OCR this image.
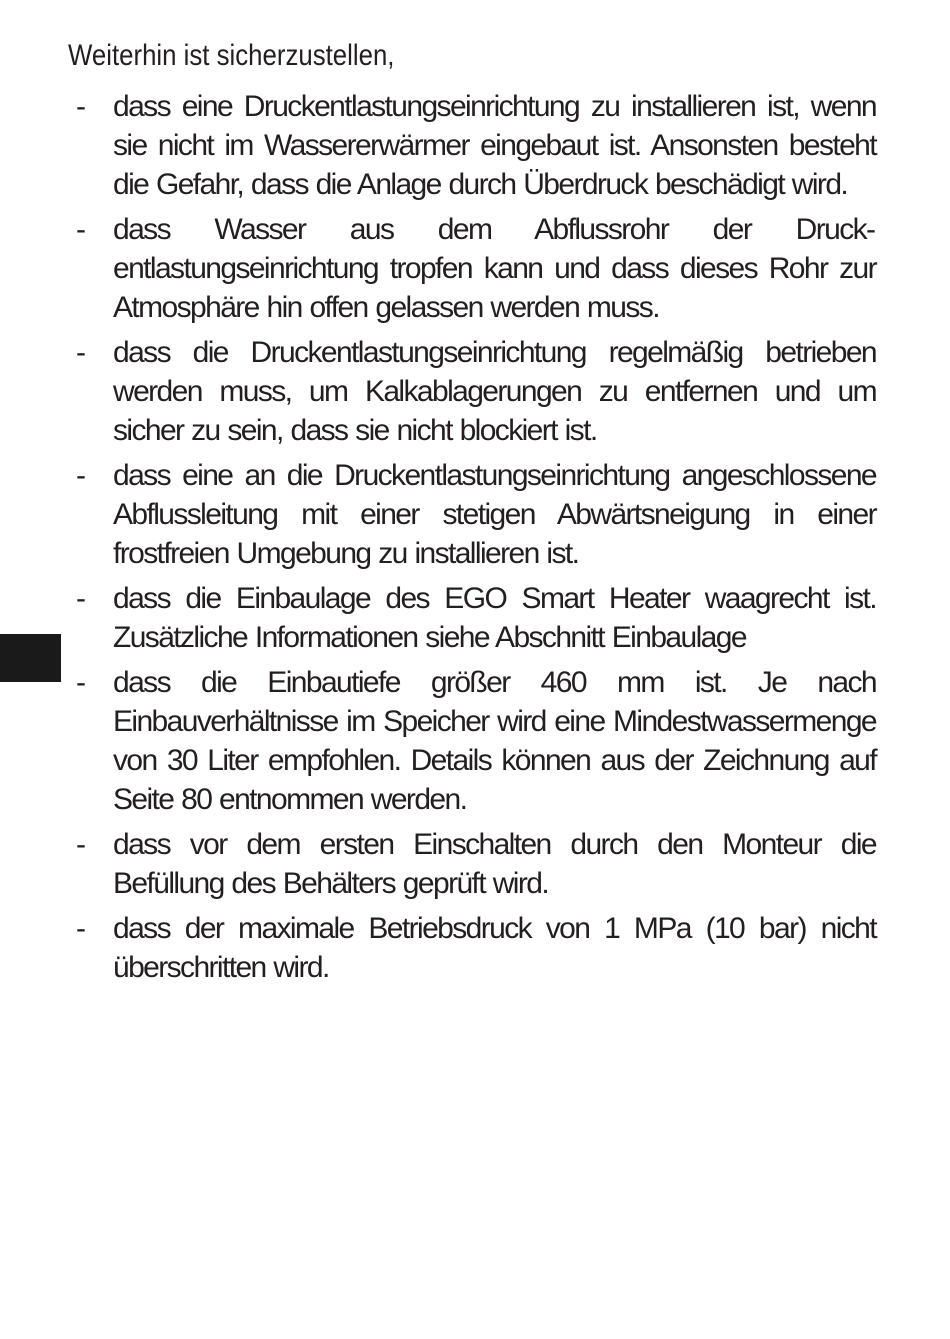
Weiterhin ist sicherzustellen,
- dass eine Druckentlastungseinrichtung zu installieren ist, wenn sie nicht im Wassererwärmer eingebaut ist. Ansonsten besteht die Gefahr, dass die Anlage durch Überdruck beschädigt wird.
- dass Wasser aus dem Abflussrohr der Druckentlastungseinrichtung tropfen kann und dass dieses Rohr zur Atmosphäre hin offen gelassen werden muss.
- dass die Druckentlastungseinrichtung regelmäßig betrieben werden muss, um Kalkablagerungen zu entfernen und um sicher zu sein, dass sie nicht blockiert ist.
- dass eine an die Druckentlastungseinrichtung angeschlossene Abflussleitung mit einer stetigen Abwärtsneigung in einer frostfreien Umgebung zu installieren ist.
- dass die Einbaulage des EGO Smart Heater waagrecht ist. Zusätzliche Informationen siehe Abschnitt Einbaulage
- dass die Einbautiefe größer 460 mm ist. Je nach Einbauverhältnisse im Speicher wird eine Mindestwassermenge von 30 Liter empfohlen. Details können aus der Zeichnung auf Seite 80 entnommen werden.
- dass vor dem ersten Einschalten durch den Monteur die Befüllung des Behälters geprüft wird.
- dass der maximale Betriebsdruck von 1 MPa (10 bar) nicht überschritten wird.
